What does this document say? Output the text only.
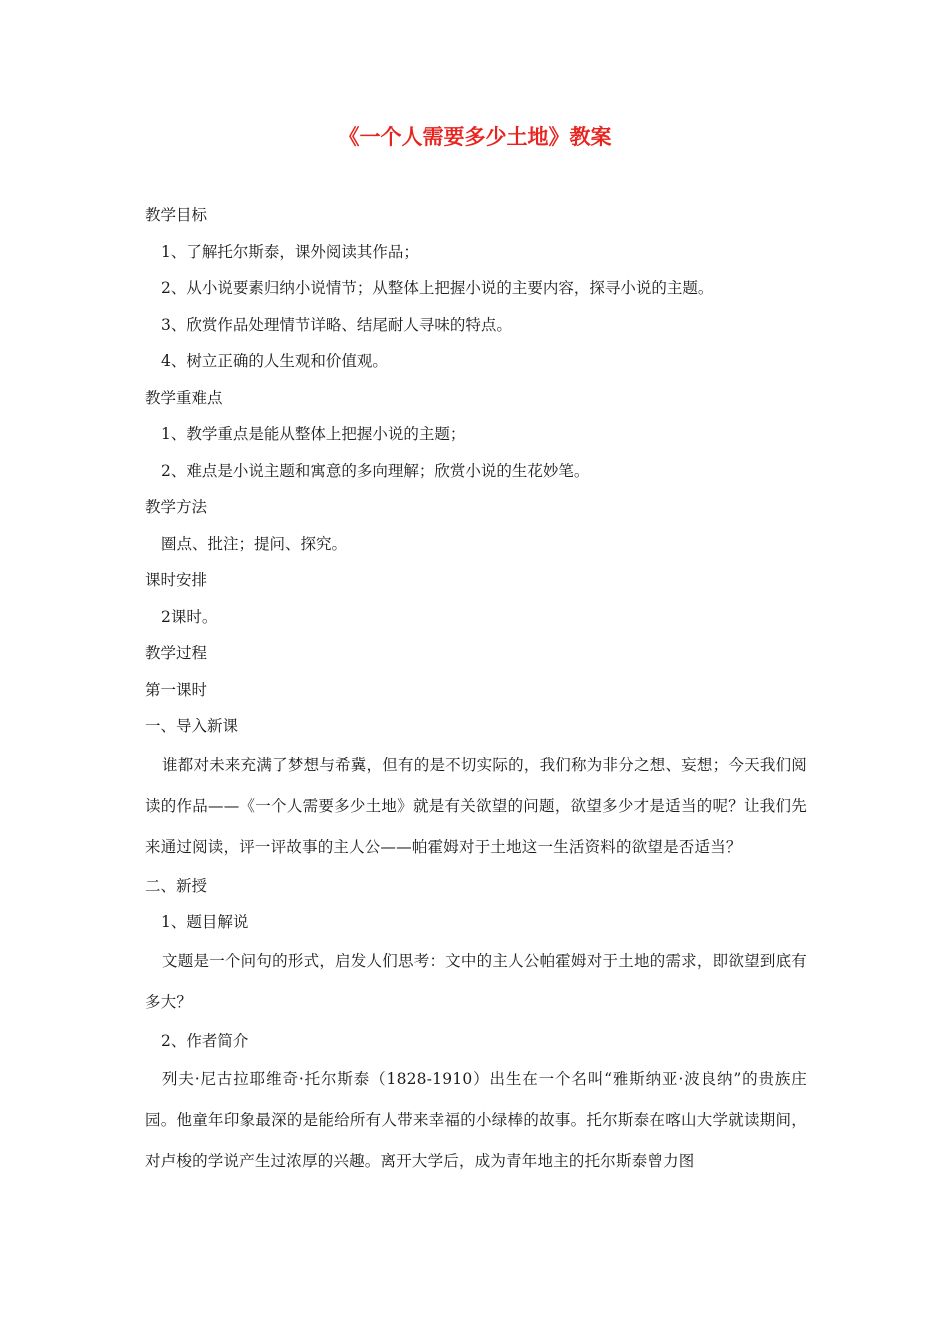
《一个人需要多少土地》教案

教学目标

1、了解托尔斯泰，课外阅读其作品；

2、从小说要素归纳小说情节；从整体上把握小说的主要内容，探寻小说的主题。

3、欣赏作品处理情节详略、结尾耐人寻味的特点。

4、树立正确的人生观和价值观。

教学重难点

1、教学重点是能从整体上把握小说的主题；

2、难点是小说主题和寓意的多向理解；欣赏小说的生花妙笔。

教学方法

圈点、批注；提问、探究。

课时安排

2课时。

教学过程

第一课时

一、导入新课

谁都对未来充满了梦想与希冀，但有的是不切实际的，我们称为非分之想、妄想；今天我们阅读的作品——《一个人需要多少土地》就是有关欲望的问题，欲望多少才是适当的呢？让我们先来通过阅读，评一评故事的主人公——帕霍姆对于土地这一生活资料的欲望是否适当？

二、新授

1、题目解说

文题是一个问句的形式，启发人们思考：文中的主人公帕霍姆对于土地的需求，即欲望到底有多大？

2、作者简介

列夫·尼古拉耶维奇·托尔斯泰（1828-1910）出生在一个名叫“雅斯纳亚·波良纳”的贵族庄园。他童年印象最深的是能给所有人带来幸福的小绿棒的故事。托尔斯泰在喀山大学就读期间，对卢梭的学说产生过浓厚的兴趣。离开大学后，成为青年地主的托尔斯泰曾力图
